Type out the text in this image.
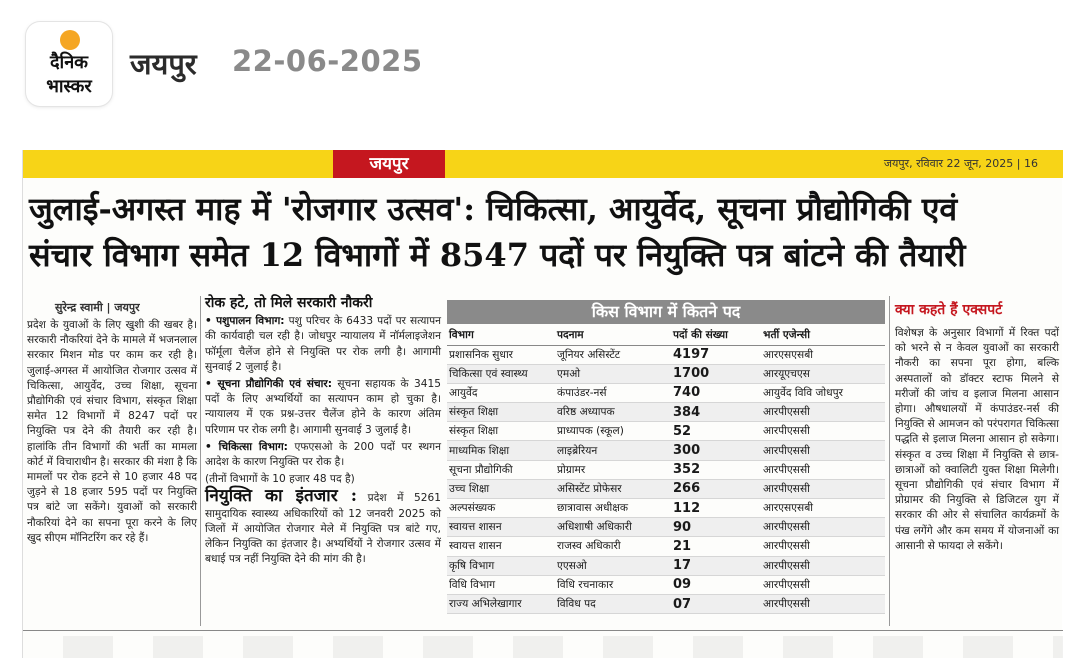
दैनिक
भास्कर
जयपुर 22-06-2025
जयपुर	जयपुर, रविवार 22 जून, 2025 | 16
जुलाई-अगस्त माह में 'रोजगार उत्सव': चिकित्सा, आयुर्वेद, सूचना प्रौद्योगिकी एवं
संचार विभाग समेत 12 विभागों में 8547 पदों पर नियुक्ति पत्र बांटने की तैयारी
सुरेन्द्र स्वामी | जयपुर
प्रदेश के युवाओं के लिए खुशी की खबर है। सरकारी नौकरियां देने के मामले में भजनलाल सरकार मिशन मोड पर काम कर रही है। जुलाई-अगस्त में आयोजित रोजगार उत्सव में चिकित्सा, आयुर्वेद, उच्च शिक्षा, सूचना प्रौद्योगिकी एवं संचार विभाग, संस्कृत शिक्षा समेत 12 विभागों में 8247 पदों पर नियुक्ति पत्र देने की तैयारी कर रही है। हालांकि तीन विभागों की भर्ती का मामला कोर्ट में विचाराधीन है। सरकार की मंशा है कि मामलों पर रोक हटने से 10 हजार 48 पद जुड़ने से 18 हजार 595 पदों पर नियुक्ति पत्र बांटे जा सकेंगे। युवाओं को सरकारी नौकरियां देने का सपना पूरा करने के लिए खुद सीएम मॉनिटरिंग कर रहे हैं।
रोक हटे, तो मिले सरकारी नौकरी

• पशुपालन विभाग: पशु परिचर के 6433 पदों पर सत्यापन की कार्यवाही चल रही है। जोधपुर न्यायालय में नॉर्मलाइजेशन फॉर्मूला चैलेंज होने से नियुक्ति पर रोक लगी है। आगामी सुनवाई 2 जुलाई है।

• सूचना प्रौद्योगिकी एवं संचार: सूचना सहायक के 3415 पदों के लिए अभ्यर्थियों का सत्यापन काम हो चुका है। न्यायालय में एक प्रश्न-उत्तर चैलेंज होने के कारण अंतिम परिणाम पर रोक लगी है। आगामी सुनवाई 3 जुलाई है।

• चिकित्सा विभाग: एफएसओ के 200 पदों पर स्थगन आदेश के कारण नियुक्ति पर रोक है।

(तीनों विभागों के 10 हजार 48 पद है)

नियुक्ति का इंतजार : प्रदेश में 5261 सामुदायिक स्वास्थ्य अधिकारियों को 12 जनवरी 2025 को जिलों में आयोजित रोजगार मेले में नियुक्ति पत्र बांटे गए, लेकिन नियुक्ति का इंतजार है। अभ्यर्थियों ने रोजगार उत्सव में बधाई पत्र नहीं नियुक्ति देने की मांग की है।

किस विभाग में कितने पद
विभाग	पदनाम	पदों की संख्या	भर्ती एजेन्सी
प्रशासनिक सुधार	जूनियर असिस्टेंट	4197	आरएसएसबी
चिकित्सा एवं स्वास्थ्य	एमओ	1700	आरयूएचएस
आयुर्वेद	कंपाउंडर-नर्स	740	आयुर्वेद विवि जोधपुर
संस्कृत शिक्षा	वरिष्ठ अध्यापक	384	आरपीएससी
संस्कृत शिक्षा	प्राध्यापक (स्कूल)	52	आरपीएससी
माध्यमिक शिक्षा	लाइब्रेरियन	300	आरपीएससी
सूचना प्रौद्योगिकी	प्रोग्रामर	352	आरपीएससी
उच्च शिक्षा	असिस्टेंट प्रोफेसर	266	आरपीएससी
अल्पसंख्यक	छात्रावास अधीक्षक	112	आरएसएसबी
स्वायत्त शासन	अधिशाषी अधिकारी	90	आरपीएससी
स्वायत्त शासन	राजस्व अधिकारी	21	आरपीएससी
कृषि विभाग	एएसओ	17	आरपीएससी
विधि विभाग	विधि रचनाकार	09	आरपीएससी
राज्य अभिलेखागार	विविध पद	07	आरपीएससी
क्या कहते हैं एक्सपर्ट
विशेषज्ञ के अनुसार विभागों में रिक्त पदों को भरने से न केवल युवाओं का सरकारी नौकरी का सपना पूरा होगा, बल्कि अस्पतालों को डॉक्टर स्टाफ मिलने से मरीजों की जांच व इलाज मिलना आसान होगा। औषधालयों में कंपाउंडर-नर्स की नियुक्ति से आमजन को परंपरागत चिकित्सा पद्धति से इलाज मिलना आसान हो सकेगा। संस्कृत व उच्च शिक्षा में नियुक्ति से छात्र-छात्राओं को क्वालिटी युक्त शिक्षा मिलेगी। सूचना प्रौद्योगिकी एवं संचार विभाग में प्रोग्रामर की नियुक्ति से डिजिटल युग में सरकार की ओर से संचालित कार्यक्रमों के पंख लगेंगे और कम समय में योजनाओं का आसानी से फायदा ले सकेंगे।
